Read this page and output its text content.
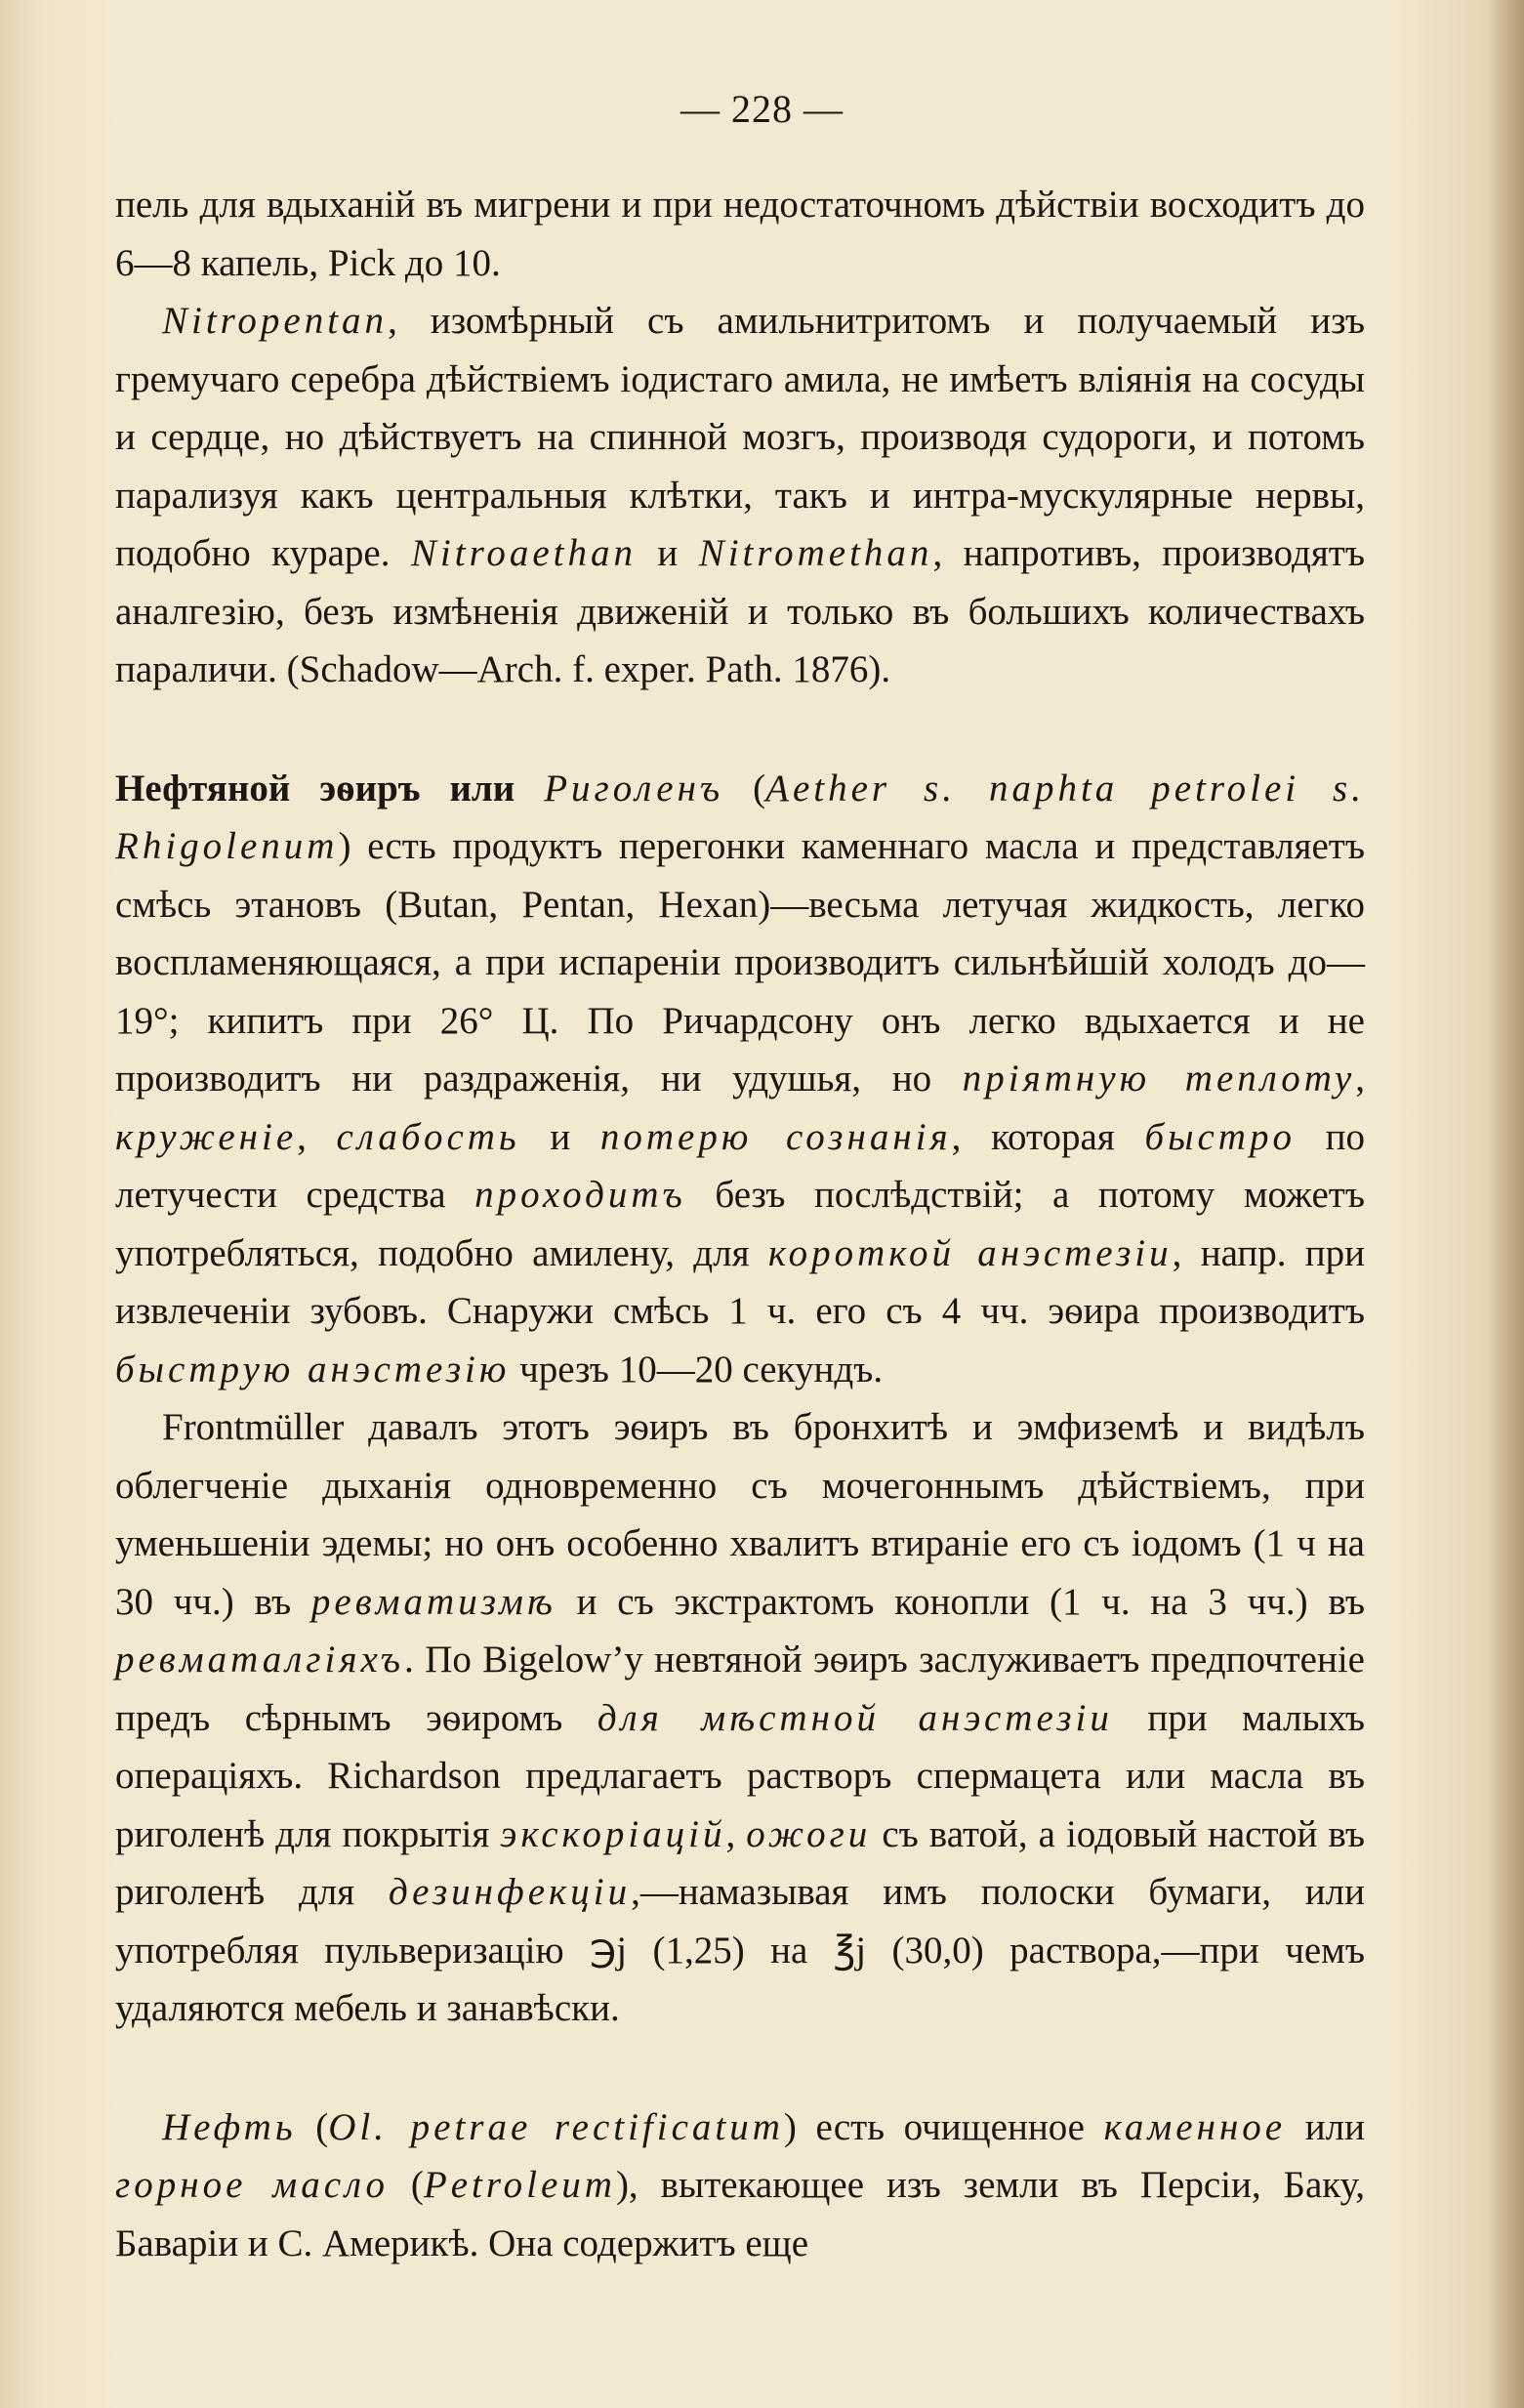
— 228 —

пель для вдыханій въ мигрени и при недостаточномъ дѣйствіи восходитъ до 6—8 капель, Pick до 10.

Nitropentan, изомѣрный съ амильнитритомъ и получаемый изъ гремучаго серебра дѣйствіемъ іодистаго амила, не имѣетъ вліянія на сосуды и сердце, но дѣйствуетъ на спинной мозгъ, производя судороги, и потомъ парализуя какъ центральныя клѣтки, такъ и интра-мускулярные нервы, подобно кураре. Nitroaethan и Nitromethan, напротивъ, производятъ аналгезію, безъ измѣненія движеній и только въ большихъ количествахъ параличи. (Schadow—Arch. f. exper. Path. 1876).

Нефтяной эѳиръ или Риголенъ (Aether s. naphta petrolei s. Rhigolenum) есть продуктъ перегонки каменнаго масла и представляетъ смѣсь этановъ (Butan, Pentan, Hexan)—весьма летучая жидкость, легко воспламеняющаяся, а при испареніи производитъ сильнѣйшій холодъ до—19°; кипитъ при 26° Ц. По Ричардсону онъ легко вдыхается и не производитъ ни раздраженія, ни удушья, но пріятную теплоту, круженіе, слабость и потерю сознанія, которая быстро по летучести средства проходитъ безъ послѣдствій; а потому можетъ употребляться, подобно амилену, для короткой анэстезіи, напр. при извлеченіи зубовъ. Снаружи смѣсь 1 ч. его съ 4 чч. эѳира производитъ быструю анэстезію чрезъ 10—20 секундъ.

Frontmüller давалъ этотъ эѳиръ въ бронхитѣ и эмфиземѣ и видѣлъ облегченіе дыханія одновременно съ мочегоннымъ дѣйствіемъ, при уменьшеніи эдемы; но онъ особенно хвалитъ втираніе его съ іодомъ (1 ч на 30 чч.) въ ревматизмѣ и съ экстрактомъ конопли (1 ч. на 3 чч.) въ ревматалгіяхъ. По Bigelow’у невтяной эѳиръ заслуживаетъ предпочтеніе предъ сѣрнымъ эѳиромъ для мѣстной анэстезіи при малыхъ операціяхъ. Richardson предлагаетъ растворъ спермацета или масла въ риголенѣ для покрытія экскоріацій, ожоги съ ватой, а іодовый настой въ риголенѣ для дезинфекціи,—намазывая имъ полоски бумаги, или употребляя пульверизацію ℈j (1,25) на ℥j (30,0) раствора,—при чемъ удаляются мебель и занавѣски.

Нефть (Ol. petrae rectificatum) есть очищенное каменное или горное масло (Petroleum), вытекающее изъ земли въ Персіи, Баку, Баваріи и С. Америкѣ. Она содержитъ еще
